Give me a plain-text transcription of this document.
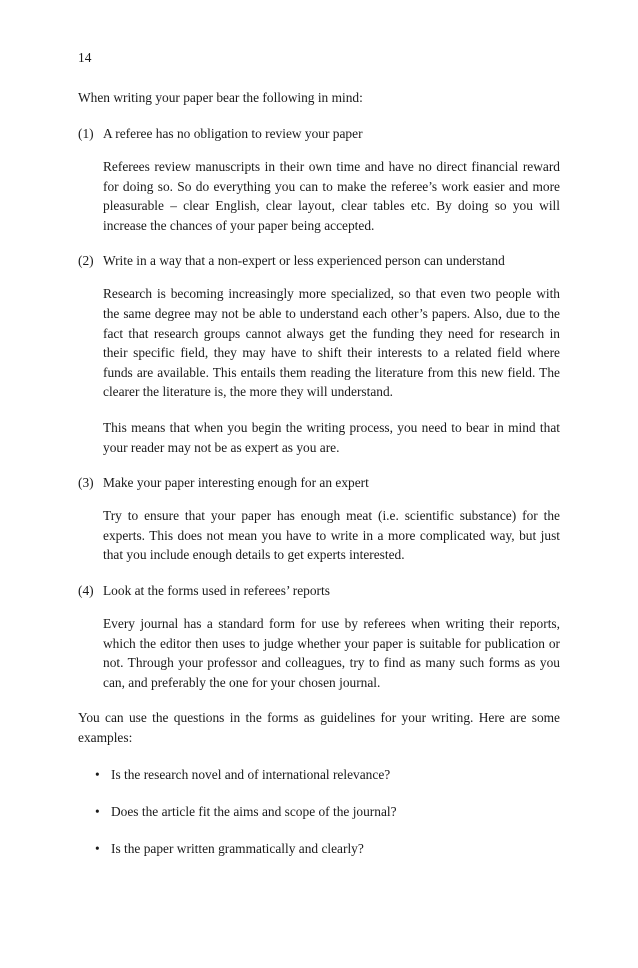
14

When writing your paper bear the following in mind:

(1) A referee has no obligation to review your paper

Referees review manuscripts in their own time and have no direct financial reward for doing so. So do everything you can to make the referee’s work easier and more pleasurable – clear English, clear layout, clear tables etc. By doing so you will increase the chances of your paper being accepted.

(2) Write in a way that a non-expert or less experienced person can understand

Research is becoming increasingly more specialized, so that even two people with the same degree may not be able to understand each other’s papers. Also, due to the fact that research groups cannot always get the funding they need for research in their specific field, they may have to shift their interests to a related field where funds are available. This entails them reading the literature from this new field. The clearer the literature is, the more they will understand.

This means that when you begin the writing process, you need to bear in mind that your reader may not be as expert as you are.

(3) Make your paper interesting enough for an expert

Try to ensure that your paper has enough meat (i.e. scientific substance) for the experts. This does not mean you have to write in a more complicated way, but just that you include enough details to get experts interested.

(4) Look at the forms used in referees’ reports

Every journal has a standard form for use by referees when writing their reports, which the editor then uses to judge whether your paper is suitable for publication or not. Through your professor and colleagues, try to find as many such forms as you can, and preferably the one for your chosen journal.

You can use the questions in the forms as guidelines for your writing. Here are some examples:

• Is the research novel and of international relevance?
• Does the article fit the aims and scope of the journal?
• Is the paper written grammatically and clearly?
